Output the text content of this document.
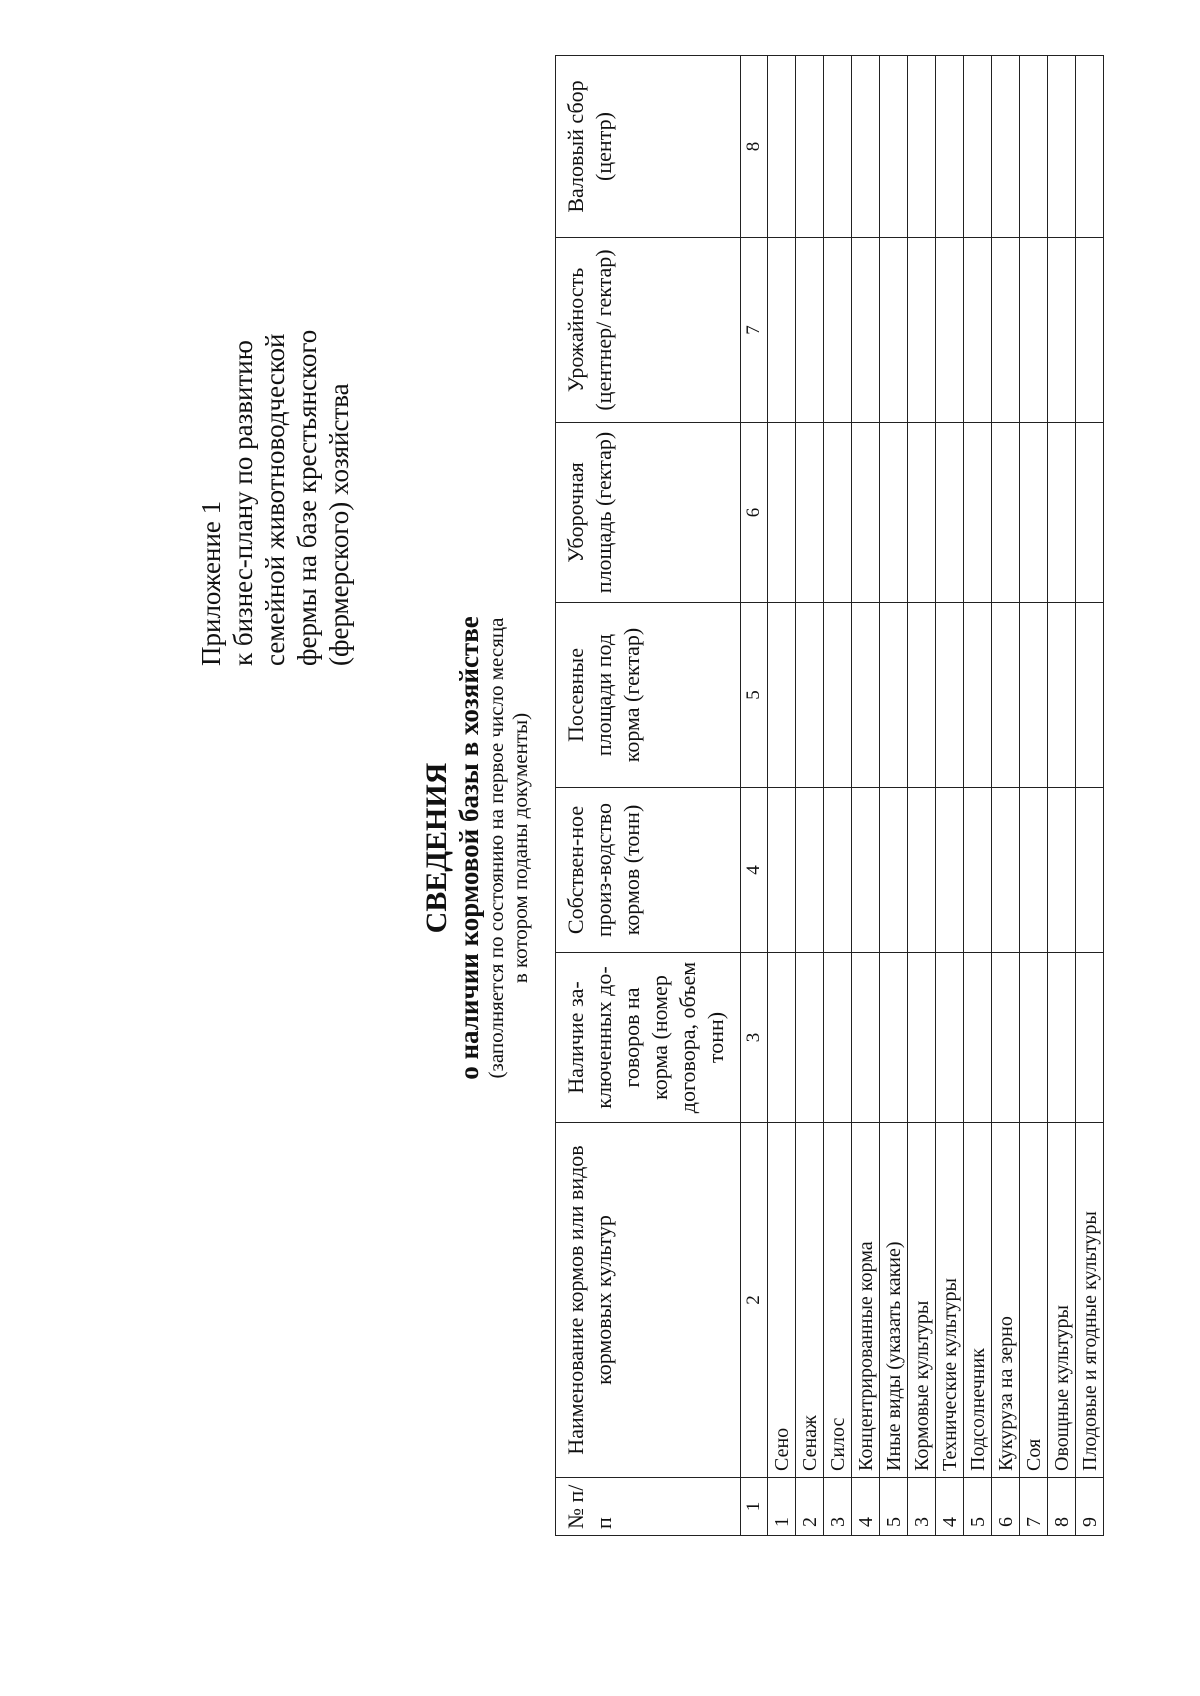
Приложение 1 к бизнес-плану по развитию семейной животноводческой фермы на базе крестьянского (фермерского) хозяйства
СВЕДЕНИЯ о наличии кормовой базы в хозяйстве (заполняется по состоянию на первое число месяца в котором поданы документы)
№ п/п	Наименование кормов или видов кормовых культур	Наличие за-ключенных до-говоров на корма (номер договора, объем тонн)	Собствен-ное произ-водство кормов (тонн)	Посевные площади под корма (гектар)	Уборочная площадь (гектар)	Урожайность (центнер/ гектар)	Валовый сбор (центр)
1	2	3	4	5	6	7	8
1	Сено						
2	Сенаж						
3	Силос						
4	Концентрированные корма						
5	Иные виды (указать какие)						
3	Кормовые культуры						
4	Технические культуры						
5	Подсолнечник						
6	Кукуруза на зерно						
7	Соя						
8	Овощные культуры						
9	Плодовые и ягодные культуры						
